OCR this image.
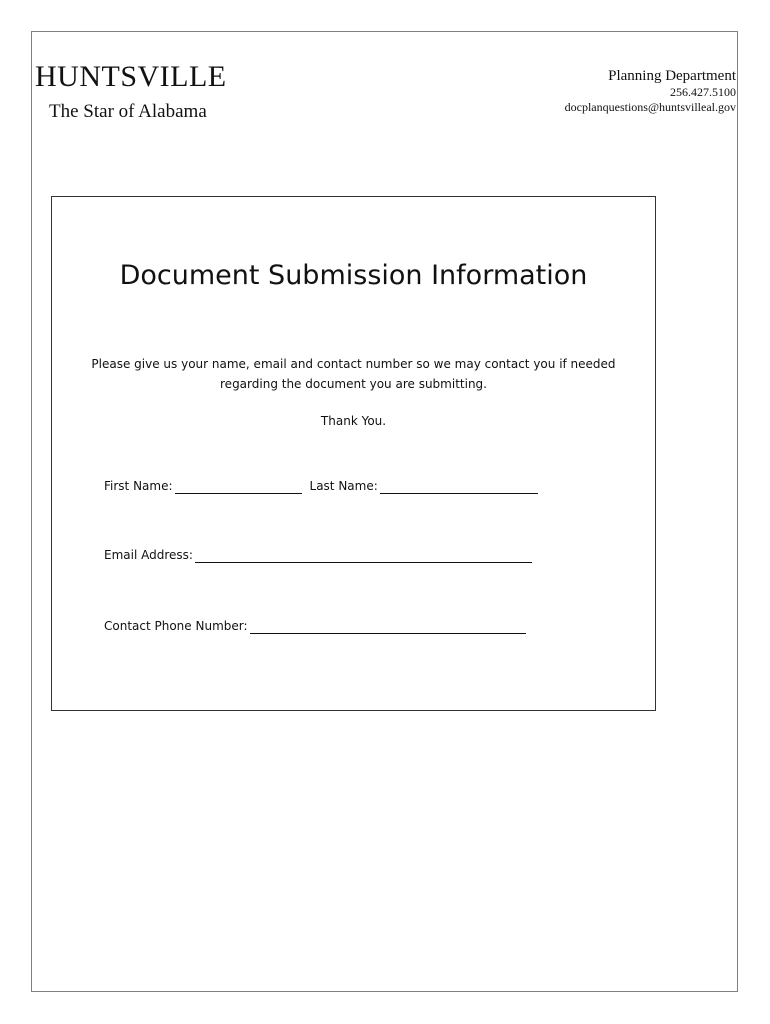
HUNTSVILLE
The Star of Alabama
Planning Department
256.427.5100
docplanquestions@huntsvilleal.gov
Document Submission Information
Please give us your name, email and contact number so we may contact you if needed regarding the document you are submitting.
Thank You.
First Name:	Last Name:
Email Address:
Contact Phone Number:
